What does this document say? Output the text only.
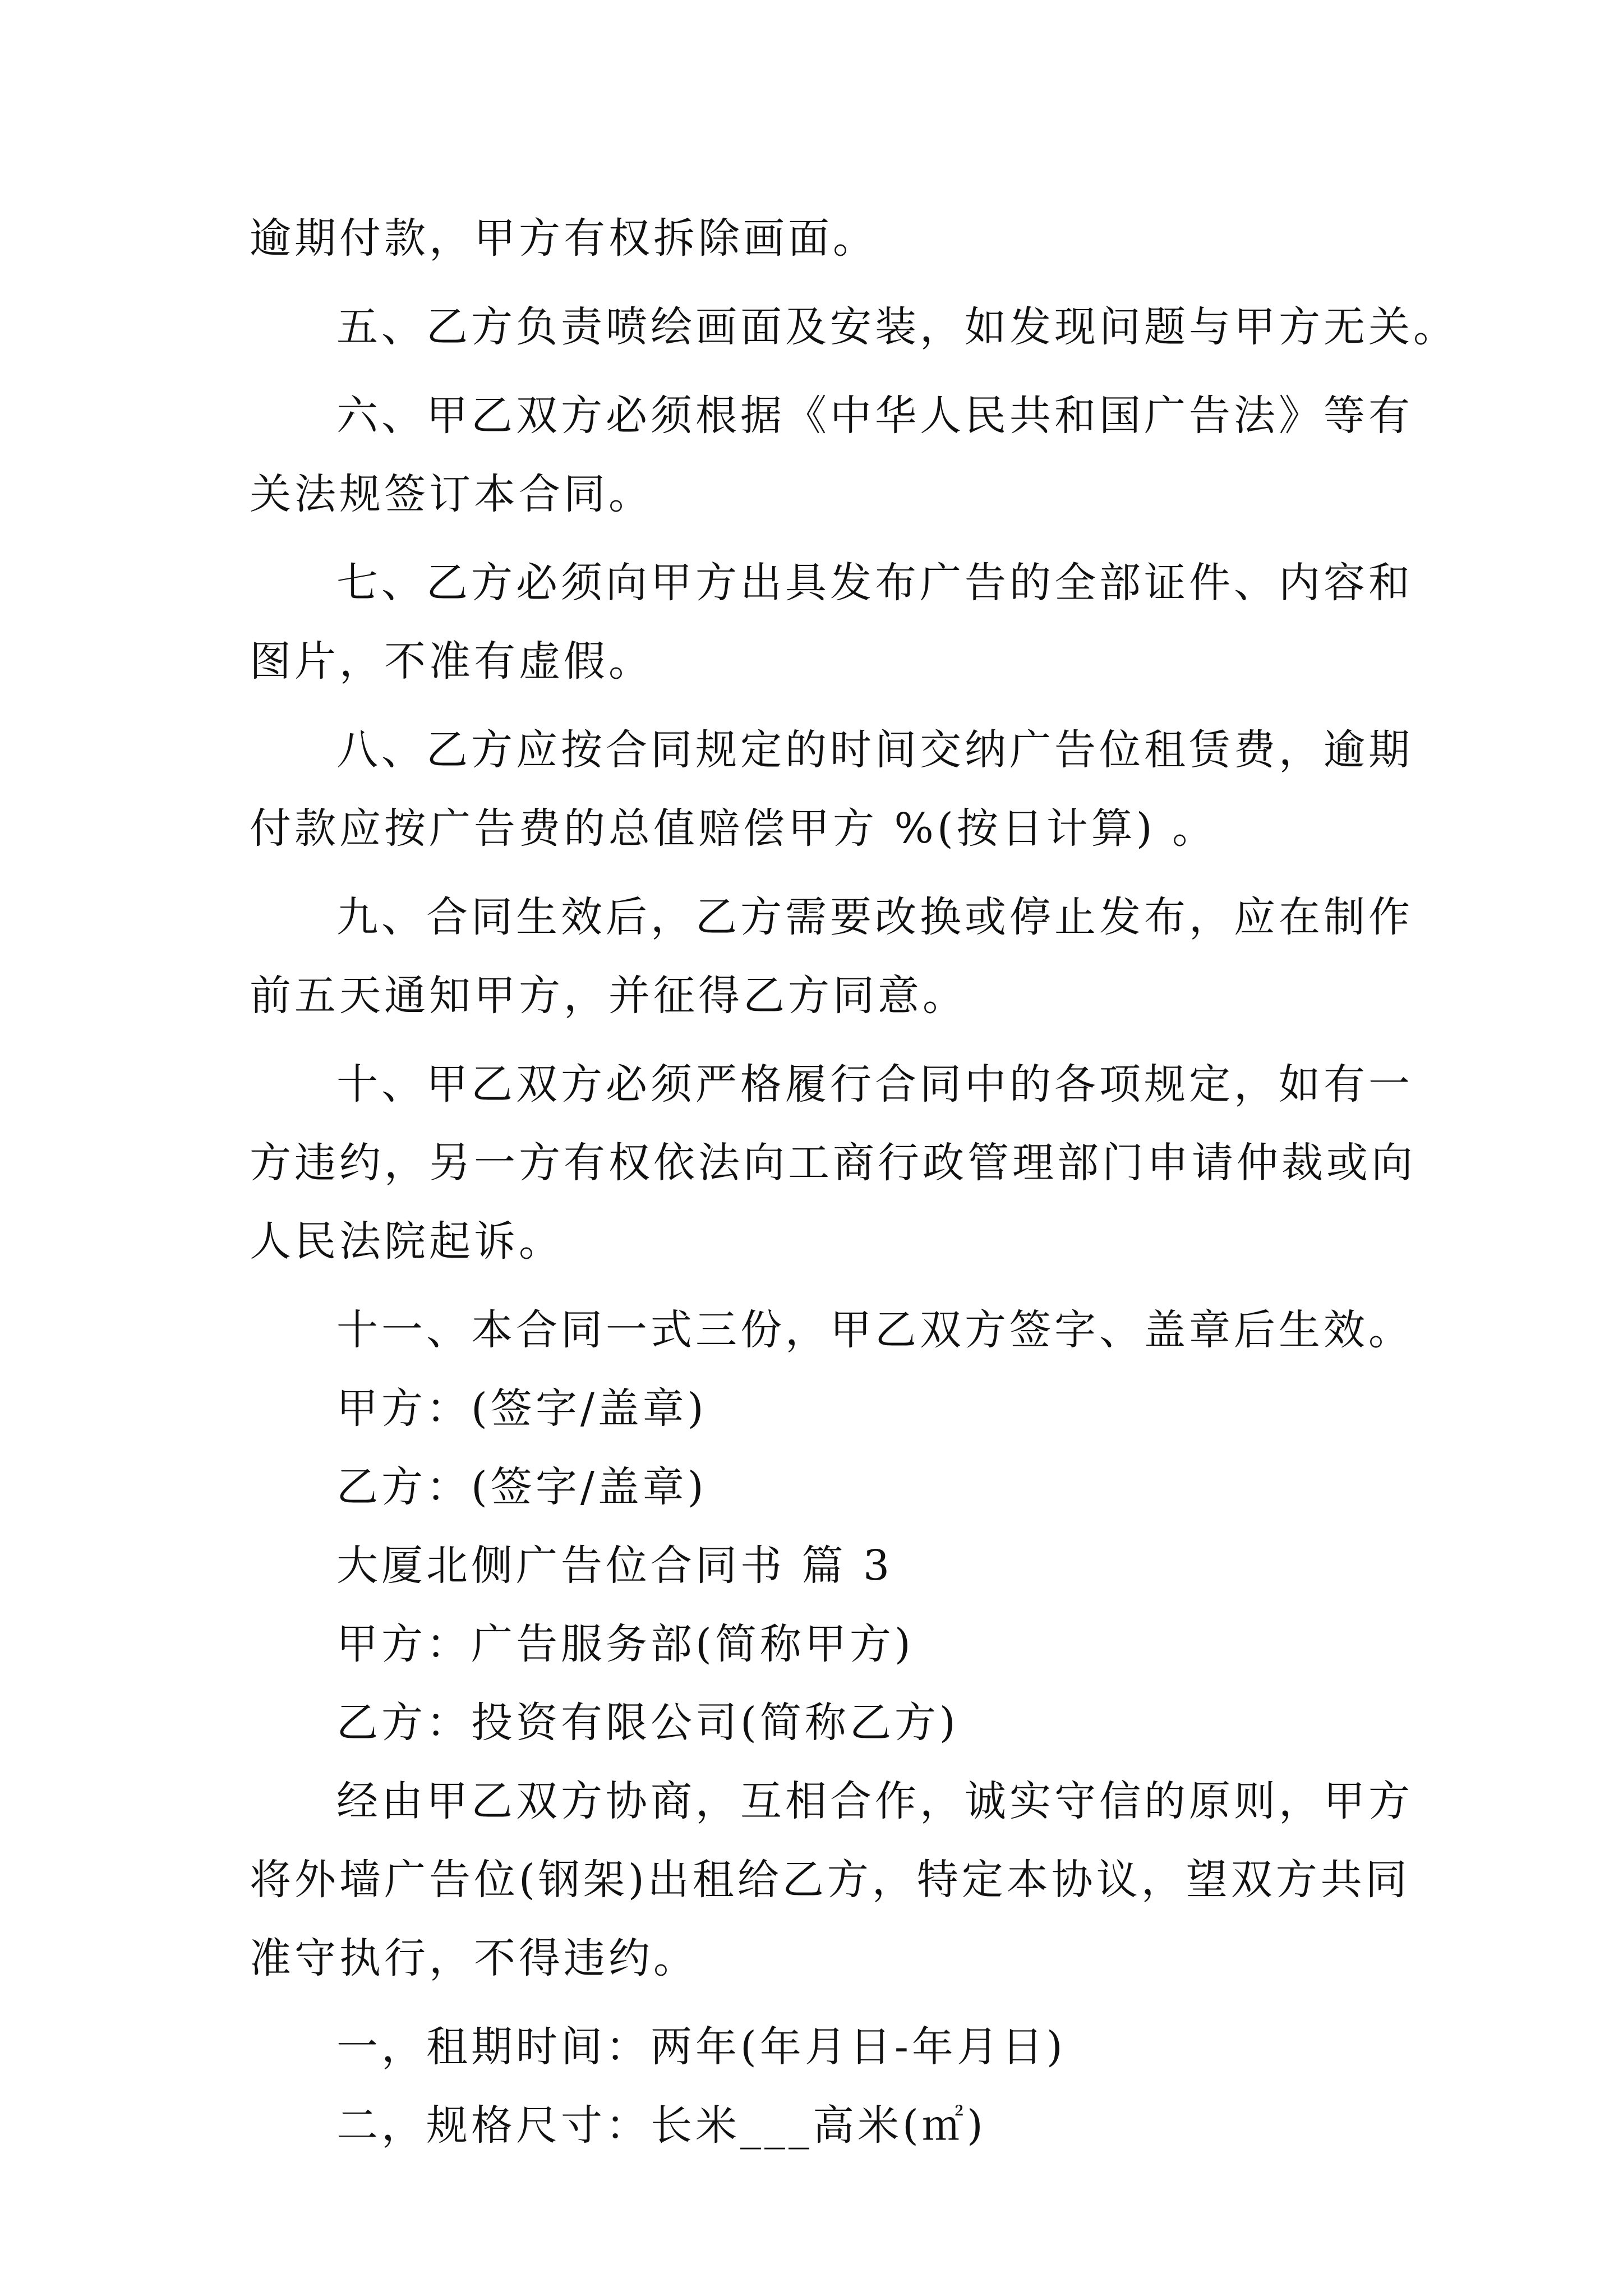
逾期付款，甲方有权拆除画面。
五、乙方负责喷绘画面及安装，如发现问题与甲方无关。
六、甲乙双方必须根据《中华人民共和国广告法》等有
关法规签订本合同。
七、乙方必须向甲方出具发布广告的全部证件、内容和
图片，不准有虚假。
八、乙方应按合同规定的时间交纳广告位租赁费，逾期
付款应按广告费的总值赔偿甲方 %(按日计算) 。
九、合同生效后，乙方需要改换或停止发布，应在制作
前五天通知甲方，并征得乙方同意。
十、甲乙双方必须严格履行合同中的各项规定，如有一
方违约，另一方有权依法向工商行政管理部门申请仲裁或向
人民法院起诉。
十一、本合同一式三份，甲乙双方签字、盖章后生效。
甲方：(签字/盖章)
乙方：(签字/盖章)
大厦北侧广告位合同书 篇 3
甲方：广告服务部(简称甲方)
乙方：投资有限公司(简称乙方)
经由甲乙双方协商，互相合作，诚实守信的原则，甲方
将外墙广告位(钢架)出租给乙方，特定本协议，望双方共同
准守执行，不得违约。
一，租期时间：两年(年月日-年月日)
二，规格尺寸：长米___高米(㎡)
